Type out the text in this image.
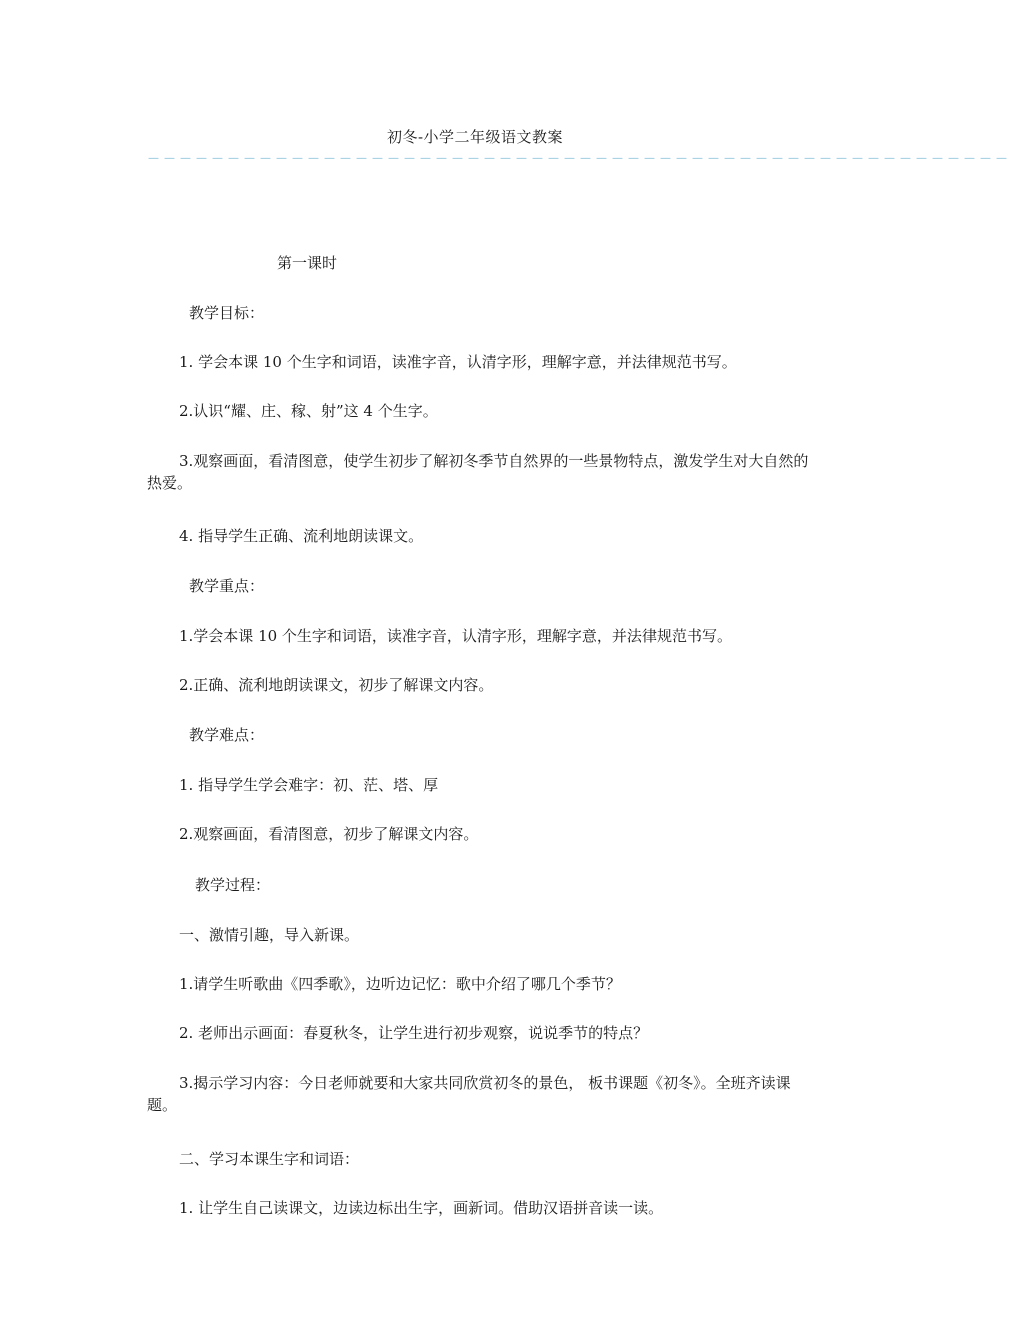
初冬-小学二年级语文教案
－－－－－－－－－－－－－－－－－－－－－－－－－－－－－－－－－－－－－－－－－－－－－－－－－－－－－－
第一课时
教学目标：
1. 学会本课 10 个生字和词语，读准字音，认清字形，理解字意，并法律规范书写。
2.认识“耀、庄、稼、射”这 4 个生字。
3.观察画面，看清图意，使学生初步了解初冬季节自然界的一些景物特点，激发学生对大自然的热爱。
4. 指导学生正确、流利地朗读课文。
教学重点：
1.学会本课 10 个生字和词语，读准字音，认清字形，理解字意，并法律规范书写。
2.正确、流利地朗读课文，初步了解课文内容。
教学难点：
1. 指导学生学会难字：初、茫、塔、厚
2.观察画面，看清图意，初步了解课文内容。
教学过程：
一、激情引趣，导入新课。
1.请学生听歌曲《四季歌》，边听边记忆：歌中介绍了哪几个季节？
2. 老师出示画面：春夏秋冬，让学生进行初步观察，说说季节的特点？
3.揭示学习内容：今日老师就要和大家共同欣赏初冬的景色， 板书课题《初冬》。全班齐读课题。
二、学习本课生字和词语：
1. 让学生自己读课文，边读边标出生字，画新词。借助汉语拼音读一读。
